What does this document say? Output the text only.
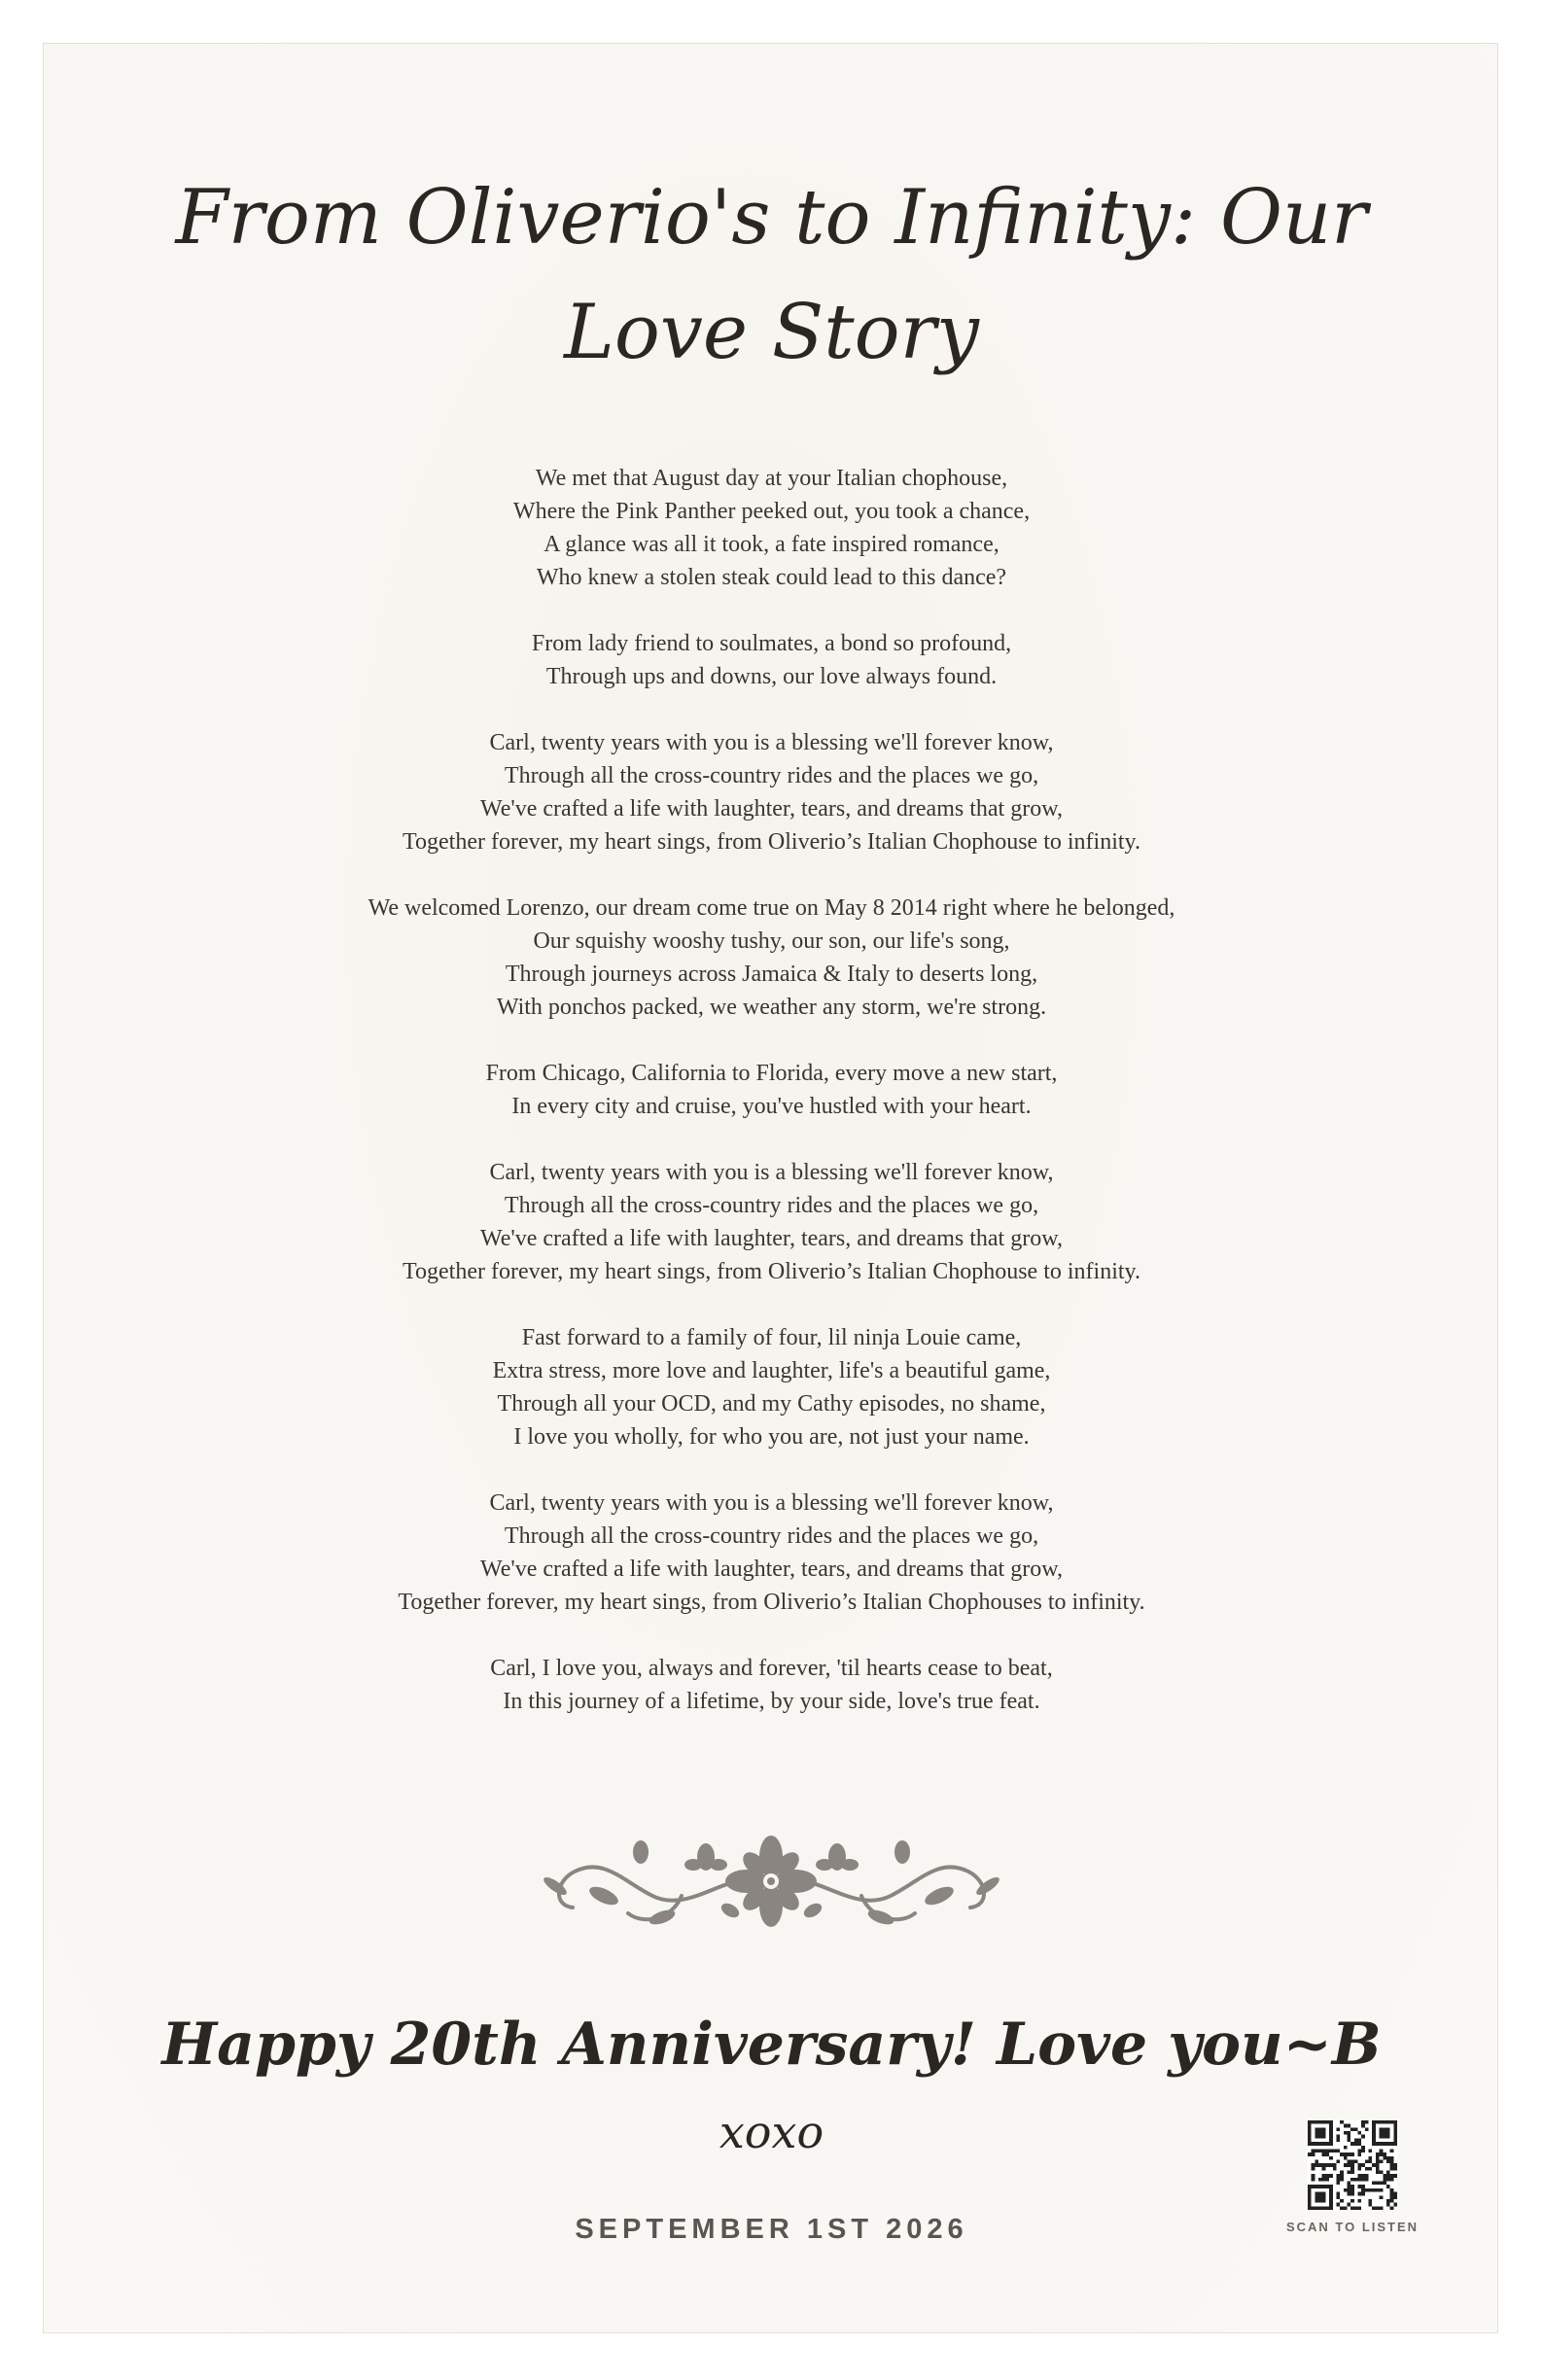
From Oliverio's to Infinity: Our Love Story
We met that August day at your Italian chophouse,
Where the Pink Panther peeked out, you took a chance,
A glance was all it took, a fate inspired romance,
Who knew a stolen steak could lead to this dance?
From lady friend to soulmates, a bond so profound,
Through ups and downs, our love always found.
Carl, twenty years with you is a blessing we'll forever know,
Through all the cross-country rides and the places we go,
We've crafted a life with laughter, tears, and dreams that grow,
Together forever, my heart sings, from Oliverio’s Italian Chophouse to infinity.
We welcomed Lorenzo, our dream come true on May 8 2014 right where he belonged,
Our squishy wooshy tushy, our son, our life's song,
Through journeys across Jamaica & Italy to deserts long,
With ponchos packed, we weather any storm, we're strong.
From Chicago, California to Florida, every move a new start,
In every city and cruise, you've hustled with your heart.
Carl, twenty years with you is a blessing we'll forever know,
Through all the cross-country rides and the places we go,
We've crafted a life with laughter, tears, and dreams that grow,
Together forever, my heart sings, from Oliverio’s Italian Chophouse to infinity.
Fast forward to a family of four, lil ninja Louie came,
Extra stress, more love and laughter, life's a beautiful game,
Through all your OCD, and my Cathy episodes, no shame,
I love you wholly, for who you are, not just your name.
Carl, twenty years with you is a blessing we'll forever know,
Through all the cross-country rides and the places we go,
We've crafted a life with laughter, tears, and dreams that grow,
Together forever, my heart sings, from Oliverio’s Italian Chophouses to infinity.
Carl, I love you, always and forever, 'til hearts cease to beat,
In this journey of a lifetime, by your side, love's true feat.
Happy 20th Anniversary! Love you~B
xoxo
SEPTEMBER 1ST 2026	SCAN TO LISTEN
